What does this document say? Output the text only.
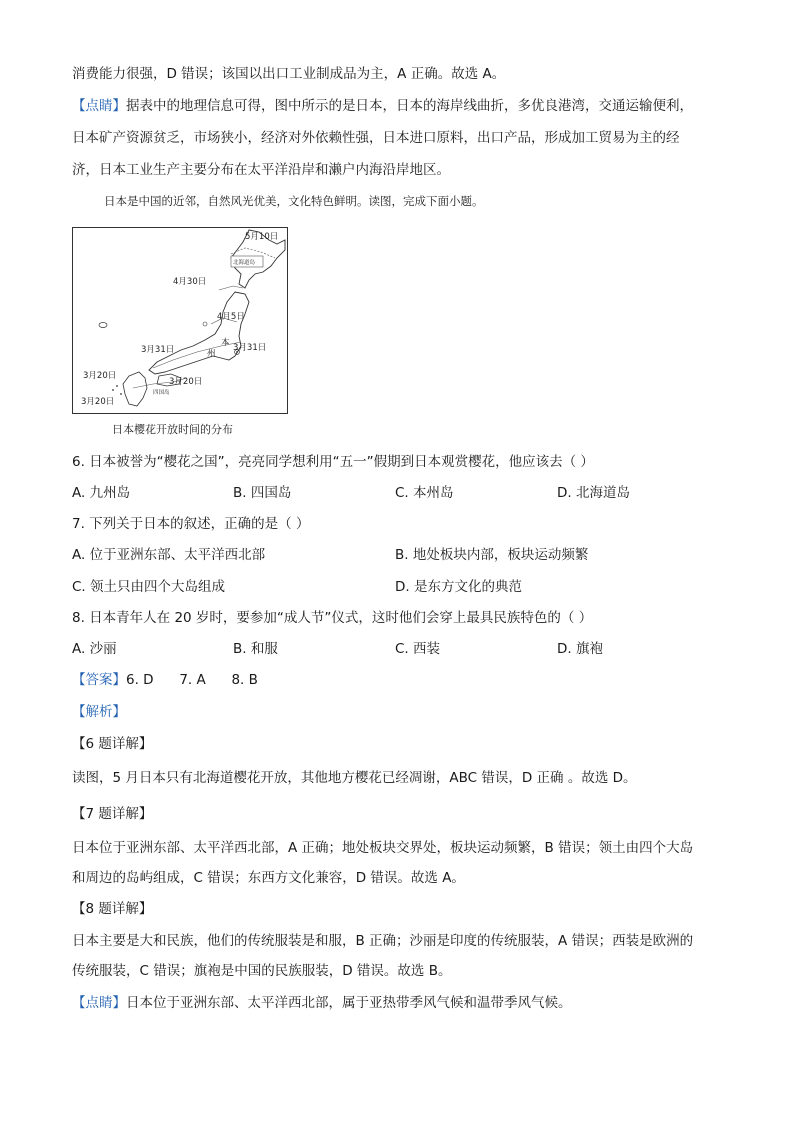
消费能力很强，D 错误；该国以出口工业制成品为主，A 正确。故选 A。
【点睛】据表中的地理信息可得，图中所示的是日本，日本的海岸线曲折，多优良港湾，交通运输便利，
日本矿产资源贫乏，市场狭小，经济对外依赖性强，日本进口原料，出口产品，形成加工贸易为主的经
济，日本工业生产主要分布在太平洋沿岸和濑户内海沿岸地区。
日本是中国的近邻，自然风光优美，文化特色鲜明。读图，完成下面小题。
5月10日
北海道岛
4月30日
4月5日
本
州
3月31日	3月31日
3月20日
3月20日
3月20日
四国岛
日本樱花开放时间的分布
6. 日本被誉为“樱花之国”，亮亮同学想利用“五一”假期到日本观赏樱花，他应该去（ ）
A. 九州岛	B. 四国岛	C. 本州岛	D. 北海道岛
7. 下列关于日本的叙述，正确的是（ ）
A. 位于亚洲东部、太平洋西北部	B. 地处板块内部，板块运动频繁
C. 领土只由四个大岛组成	D. 是东方文化的典范
8. 日本青年人在 20 岁时，要参加“成人节”仪式，这时他们会穿上最具民族特色的（ ）
A. 沙丽	B. 和服	C. 西装	D. 旗袍
【答案】6. D      7. A      8. B
【解析】
【6 题详解】
读图，5 月日本只有北海道樱花开放，其他地方樱花已经凋谢，ABC 错误，D 正确 。故选 D。
【7 题详解】
日本位于亚洲东部、太平洋西北部，A 正确；地处板块交界处，板块运动频繁，B 错误；领土由四个大岛
和周边的岛屿组成，C 错误；东西方文化兼容，D 错误。故选 A。
【8 题详解】
日本主要是大和民族，他们的传统服装是和服，B 正确；沙丽是印度的传统服装，A 错误；西装是欧洲的
传统服装，C 错误；旗袍是中国的民族服装，D 错误。故选 B。
【点睛】日本位于亚洲东部、太平洋西北部，属于亚热带季风气候和温带季风气候。
